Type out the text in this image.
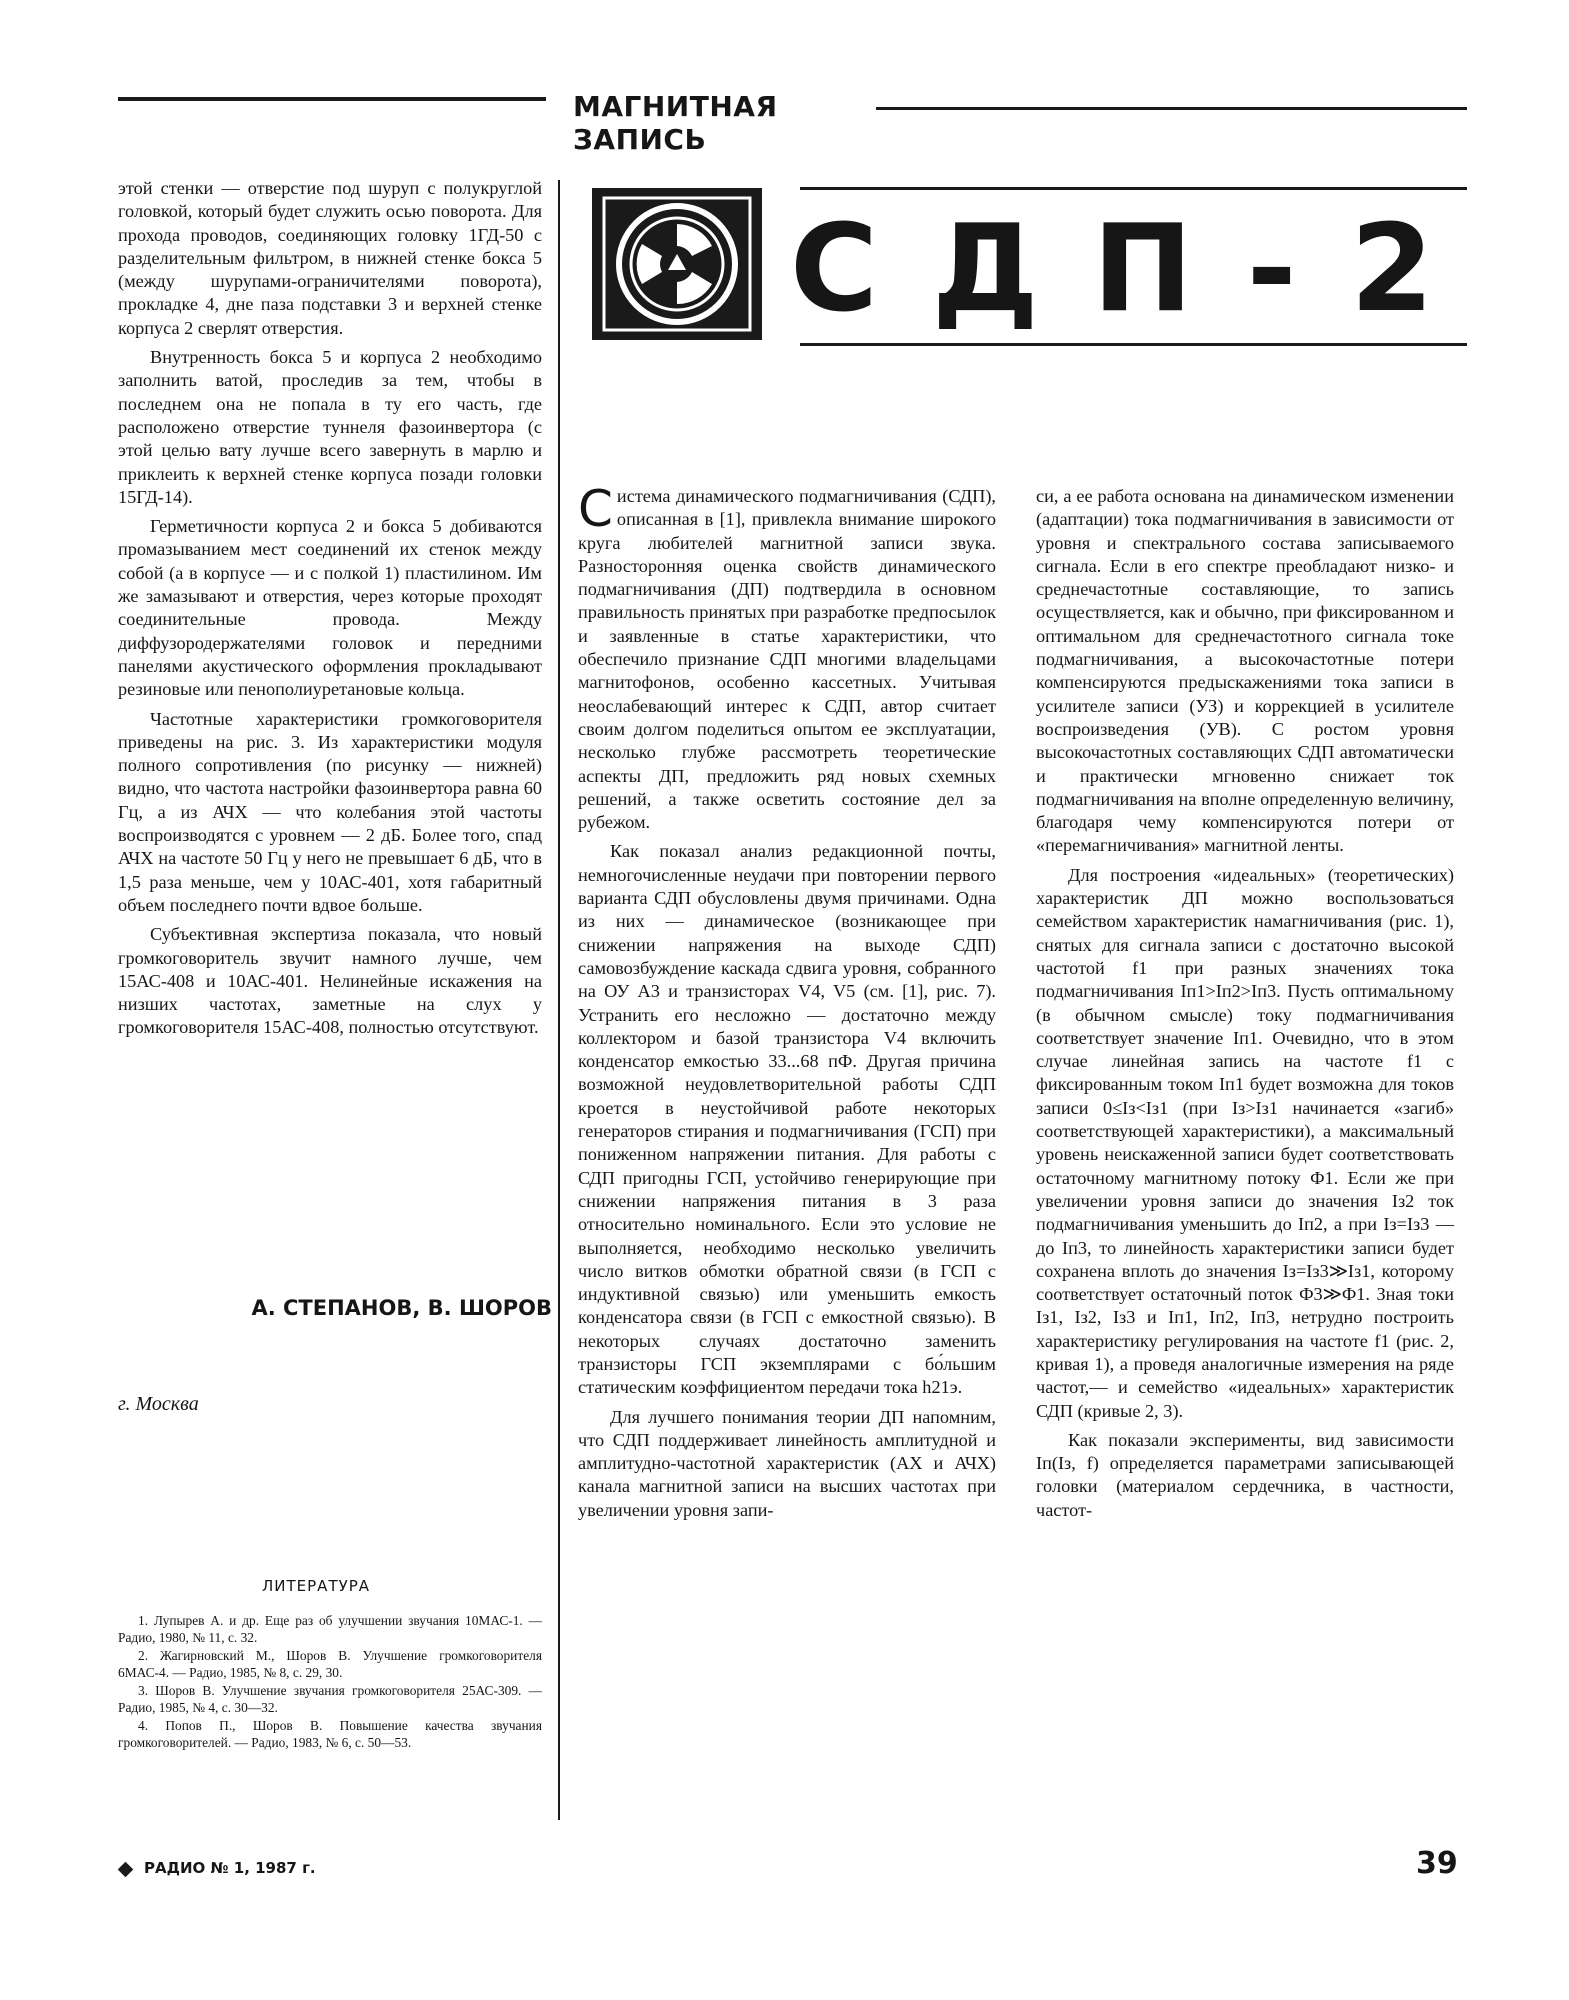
МАГНИТНАЯ ЗАПИСЬ
С Д П - 2

этой стенки — отверстие под шуруп с полукруглой головкой, который будет служить осью поворота. Для прохода проводов, соединяющих головку 1ГД-50 с разделительным фильтром, в нижней стенке бокса 5 (между шурупами-ограничителями поворота), прокладке 4, дне паза подставки 3 и верхней стенке корпуса 2 сверлят отверстия.

Внутренность бокса 5 и корпуса 2 необходимо заполнить ватой, проследив за тем, чтобы в последнем она не попала в ту его часть, где расположено отверстие туннеля фазоинвертора (с этой целью вату лучше всего завернуть в марлю и приклеить к верхней стенке корпуса позади головки 15ГД-14).

Герметичности корпуса 2 и бокса 5 добиваются промазыванием мест соединений их стенок между собой (а в корпусе — и с полкой 1) пластилином. Им же замазывают и отверстия, через которые проходят соединительные провода. Между диффузородержателями головок и передними панелями акустического оформления прокладывают резиновые или пенополиуретановые кольца.

Частотные характеристики громкоговорителя приведены на рис. 3. Из характеристики модуля полного сопротивления (по рисунку — нижней) видно, что частота настройки фазоинвертора равна 60 Гц, а из АЧХ — что колебания этой частоты воспроизводятся с уровнем — 2 дБ. Более того, спад АЧХ на частоте 50 Гц у него не превышает 6 дБ, что в 1,5 раза меньше, чем у 10АС-401, хотя габаритный объем последнего почти вдвое больше.

Субъективная экспертиза показала, что новый громкоговоритель звучит намного лучше, чем 15АС-408 и 10АС-401. Нелинейные искажения на низших частотах, заметные на слух у громкоговорителя 15АС-408, полностью отсутствуют.

А. СТЕПАНОВ, В. ШОРОВ
г. Москва
ЛИТЕРАТУРА
1. Лупырев А. и др. Еще раз об улучшении звучания 10МАС-1. — Радио, 1980, № 11, с. 32.
2. Жагирновский М., Шоров В. Улучшение громкоговорителя 6МАС-4. — Радио, 1985, № 8, с. 29, 30.
3. Шоров В. Улучшение звучания громкоговорителя 25АС-309. — Радио, 1985, № 4, с. 30—32.
4. Попов П., Шоров В. Повышение качества звучания громкоговорителей. — Радио, 1983, № 6, с. 50—53.

Система динамического подмагничивания (СДП), описанная в [1], привлекла внимание широкого круга любителей магнитной записи звука. Разносторонняя оценка свойств динамического подмагничивания (ДП) подтвердила в основном правильность принятых при разработке предпосылок и заявленные в статье характеристики, что обеспечило признание СДП многими владельцами магнитофонов, особенно кассетных. Учитывая неослабевающий интерес к СДП, автор считает своим долгом поделиться опытом ее эксплуатации, несколько глубже рассмотреть теоретические аспекты ДП, предложить ряд новых схемных решений, а также осветить состояние дел за рубежом.

Как показал анализ редакционной почты, немногочисленные неудачи при повторении первого варианта СДП обусловлены двумя причинами. Одна из них — динамическое (возникающее при снижении напряжения на выходе СДП) самовозбуждение каскада сдвига уровня, собранного на ОУ А3 и транзисторах V4, V5 (см. [1], рис. 7). Устранить его несложно — достаточно между коллектором и базой транзистора V4 включить конденсатор емкостью 33...68 пФ. Другая причина возможной неудовлетворительной работы СДП кроется в неустойчивой работе некоторых генераторов стирания и подмагничивания (ГСП) при пониженном напряжении питания. Для работы с СДП пригодны ГСП, устойчиво генерирующие при снижении напряжения питания в 3 раза относительно номинального. Если это условие не выполняется, необходимо несколько увеличить число витков обмотки обратной связи (в ГСП с индуктивной связью) или уменьшить емкость конденсатора связи (в ГСП с емкостной связью). В некоторых случаях достаточно заменить транзисторы ГСП экземплярами с бо́льшим статическим коэффициентом передачи тока h21э.

Для лучшего понимания теории ДП напомним, что СДП поддерживает линейность амплитудной и амплитудно-частотной характеристик (АХ и АЧХ) канала магнитной записи на высших частотах при увеличении уровня запи-

си, а ее работа основана на динамическом изменении (адаптации) тока подмагничивания в зависимости от уровня и спектрального состава записываемого сигнала. Если в его спектре преобладают низко- и среднечастотные составляющие, то запись осуществляется, как и обычно, при фиксированном и оптимальном для среднечастотного сигнала токе подмагничивания, а высокочастотные потери компенсируются предыскажениями тока записи в усилителе записи (УЗ) и коррекцией в усилителе воспроизведения (УВ). С ростом уровня высокочастотных составляющих СДП автоматически и практически мгновенно снижает ток подмагничивания на вполне определенную величину, благодаря чему компенсируются потери от «перемагничивания» магнитной ленты.

Для построения «идеальных» (теоретических) характеристик ДП можно воспользоваться семейством характеристик намагничивания (рис. 1), снятых для сигнала записи с достаточно высокой частотой f1 при разных значениях тока подмагничивания Iп1>Iп2>Iп3. Пусть оптимальному (в обычном смысле) току подмагничивания соответствует значение Iп1. Очевидно, что в этом случае линейная запись на частоте f1 с фиксированным током Iп1 будет возможна для токов записи 0≤Iз<Iз1 (при Iз>Iз1 начинается «загиб» соответствующей характеристики), а максимальный уровень неискаженной записи будет соответствовать остаточному магнитному потоку Ф1. Если же при увеличении уровня записи до значения Iз2 ток подмагничивания уменьшить до Iп2, а при Iз=Iз3 — до Iп3, то линейность характеристики записи будет сохранена вплоть до значения Iз=Iз3≫Iз1, которому соответствует остаточный поток Ф3≫Ф1. Зная токи Iз1, Iз2, Iз3 и Iп1, Iп2, Iп3, нетрудно построить характеристику регулирования на частоте f1 (рис. 2, кривая 1), а проведя аналогичные измерения на ряде частот,— и семейство «идеальных» характеристик СДП (кривые 2, 3).

Как показали эксперименты, вид зависимости Iп(Iз, f) определяется параметрами записывающей головки (материалом сердечника, в частности, частот-

РАДИО № 1, 1987 г.	39
